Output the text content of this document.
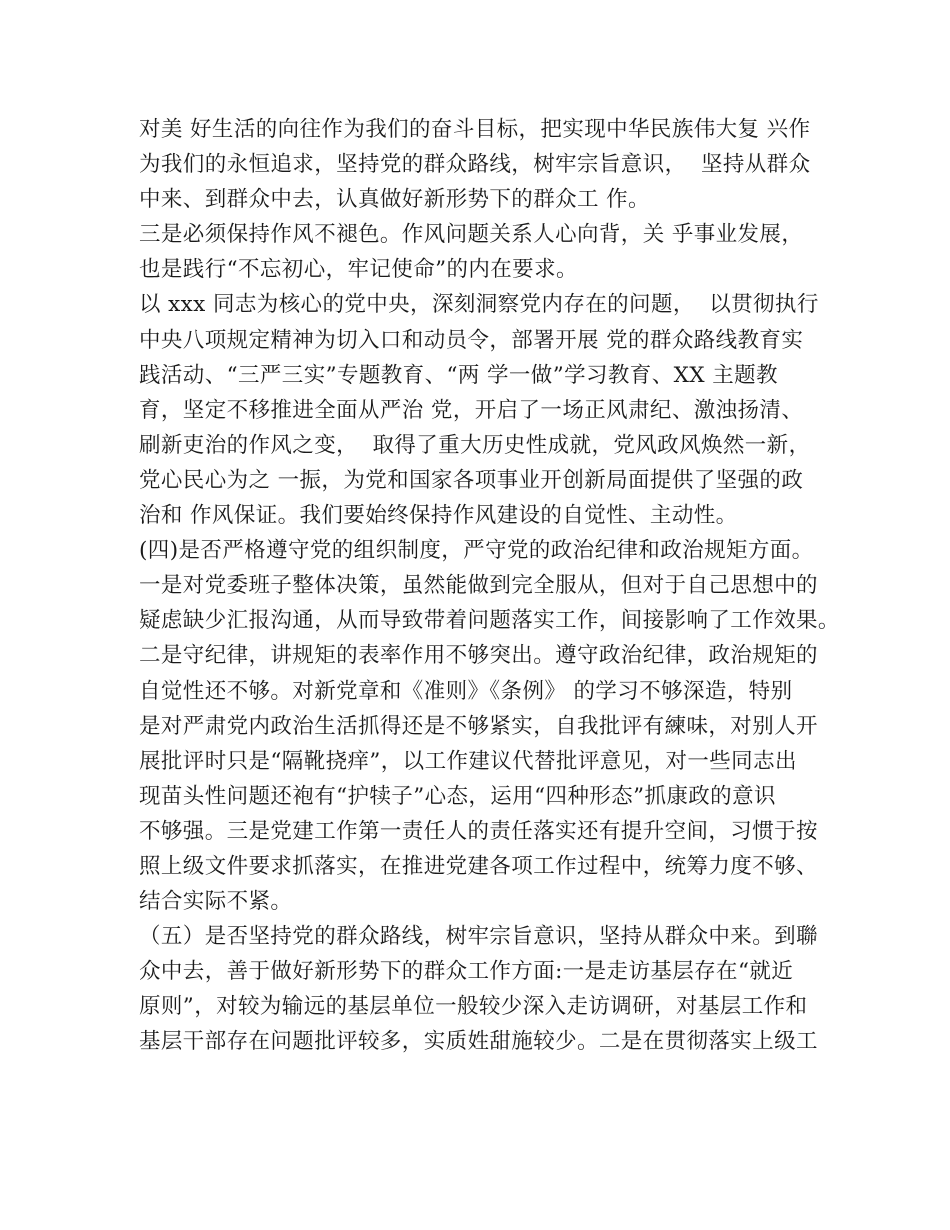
对美 好生活的向往作为我们的奋斗目标，把实现中华民族伟大复 兴作
为我们的永恒追求，坚持党的群众路线，树牢宗旨意识，  坚持从群众
中来、到群众中去，认真做好新形势下的群众工 作。
三是必须保持作风不褪色。作风问题关系人心向背，关 乎事业发展，
也是践行“不忘初心，牢记使命”的内在要求。
以 xxx 同志为核心的党中央，深刻洞察党内存在的问题，  以贯彻执行
中央八项规定精神为切入口和动员令，部署开展 党的群众路线教育实
践活动、“三严三实”专题教育、“两 学一做”学习教育、XX 主题教
育，坚定不移推进全面从严治 党，开启了一场正风肃纪、激浊扬清、
刷新吏治的作风之变，  取得了重大历史性成就，党风政风焕然一新，
党心民心为之 一振，为党和国家各项事业开创新局面提供了坚强的政
治和 作风保证。我们要始终保持作风建设的自觉性、主动性。
(四)是否严格遵守党的组织制度，严守党的政治纪律和政治规矩方面。
一是对党委班子整体决策，虽然能做到完全服从，但对于自己思想中的
疑虑缺少汇报沟通，从而导致带着问题落实工作，间接影响了工作效果。
二是守纪律，讲规矩的表率作用不够突出。遵守政治纪律，政治规矩的
自觉性还不够。对新党章和《准则》《条例》 的学习不够深造，特别
是对严肃党内政治生活抓得还是不够紧实，自我批评有練味，对别人开
展批评时只是“隔靴挠痒”，以工作建议代替批评意见，对一些同志出
现苗头性问题还袍有“护犊子”心态，运用“四种形态”抓康政的意识
不够强。三是党建工作第一责任人的责任落实还有提升空间，习惯于按
照上级文件要求抓落实，在推进党建各项工作过程中，统筹力度不够、
结合实际不紧。
（五）是否坚持党的群众路线，树牢宗旨意识，坚持从群众中来。到聯
众中去，善于做好新形势下的群众工作方面:一是走访基层存在“就近
原则”，对较为输远的基层单位一般较少深入走访调研，对基层工作和
基层干部存在问题批评较多，实质姓甜施较少。二是在贯彻落实上级工
